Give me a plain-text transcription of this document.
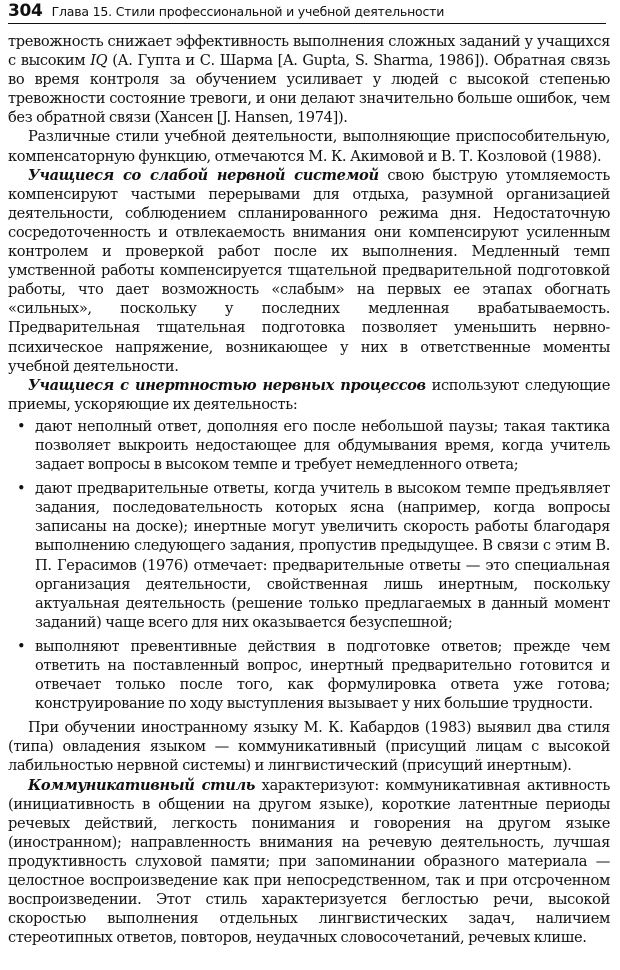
304 Глава 15. Стили профессиональной и учебной деятельности

тревожность снижает эффективность выполнения сложных заданий у учащихся с высоким IQ (А. Гупта и С. Шарма [A. Gupta, S. Sharma, 1986]). Обратная связь во время контроля за обучением усиливает у людей с высокой степенью тревожности состояние тревоги, и они делают значительно больше ошибок, чем без обратной связи (Хансен [J. Hansen, 1974]).

Различные стили учебной деятельности, выполняющие приспособительную, компенсаторную функцию, отмечаются М. К. Акимовой и В. Т. Козловой (1988).

Учащиеся со слабой нервной системой свою быструю утомляемость компенсируют частыми перерывами для отдыха, разумной организацией деятельности, соблюдением спланированного режима дня. Недостаточную сосредоточенность и отвлекаемость внимания они компенсируют усиленным контролем и проверкой работ после их выполнения. Медленный темп умственной работы компенсируется тщательной предварительной подготовкой работы, что дает возможность «слабым» на первых ее этапах обогнать «сильных», поскольку у последних медленная врабатываемость. Предварительная тщательная подготовка позволяет уменьшить нервно-психическое напряжение, возникающее у них в ответственные моменты учебной деятельности.

Учащиеся с инертностью нервных процессов используют следующие приемы, ускоряющие их деятельность:

• дают неполный ответ, дополняя его после небольшой паузы; такая тактика позволяет выкроить недостающее для обдумывания время, когда учитель задает вопросы в высоком темпе и требует немедленного ответа;
• дают предварительные ответы, когда учитель в высоком темпе предъявляет задания, последовательность которых ясна (например, когда вопросы записаны на доске); инертные могут увеличить скорость работы благодаря выполнению следующего задания, пропустив предыдущее. В связи с этим В. П. Герасимов (1976) отмечает: предварительные ответы — это специальная организация деятельности, свойственная лишь инертным, поскольку актуальная деятельность (решение только предлагаемых в данный момент заданий) чаще всего для них оказывается безуспешной;
• выполняют превентивные действия в подготовке ответов; прежде чем ответить на поставленный вопрос, инертный предварительно готовится и отвечает только после того, как формулировка ответа уже готова; конструирование по ходу выступления вызывает у них большие трудности.

При обучении иностранному языку М. К. Кабардов (1983) выявил два стиля (типа) овладения языком — коммуникативный (присущий лицам с высокой лабильностью нервной системы) и лингвистический (присущий инертным).

Коммуникативный стиль характеризуют: коммуникативная активность (инициативность в общении на другом языке), короткие латентные периоды речевых действий, легкость понимания и говорения на другом языке (иностранном); направленность внимания на речевую деятельность, лучшая продуктивность слуховой памяти; при запоминании образного материала — целостное воспроизведение как при непосредственном, так и при отсроченном воспроизведении. Этот стиль характеризуется беглостью речи, высокой скоростью выполнения отдельных лингвистических задач, наличием стереотипных ответов, повторов, неудачных словосочетаний, речевых клише.
